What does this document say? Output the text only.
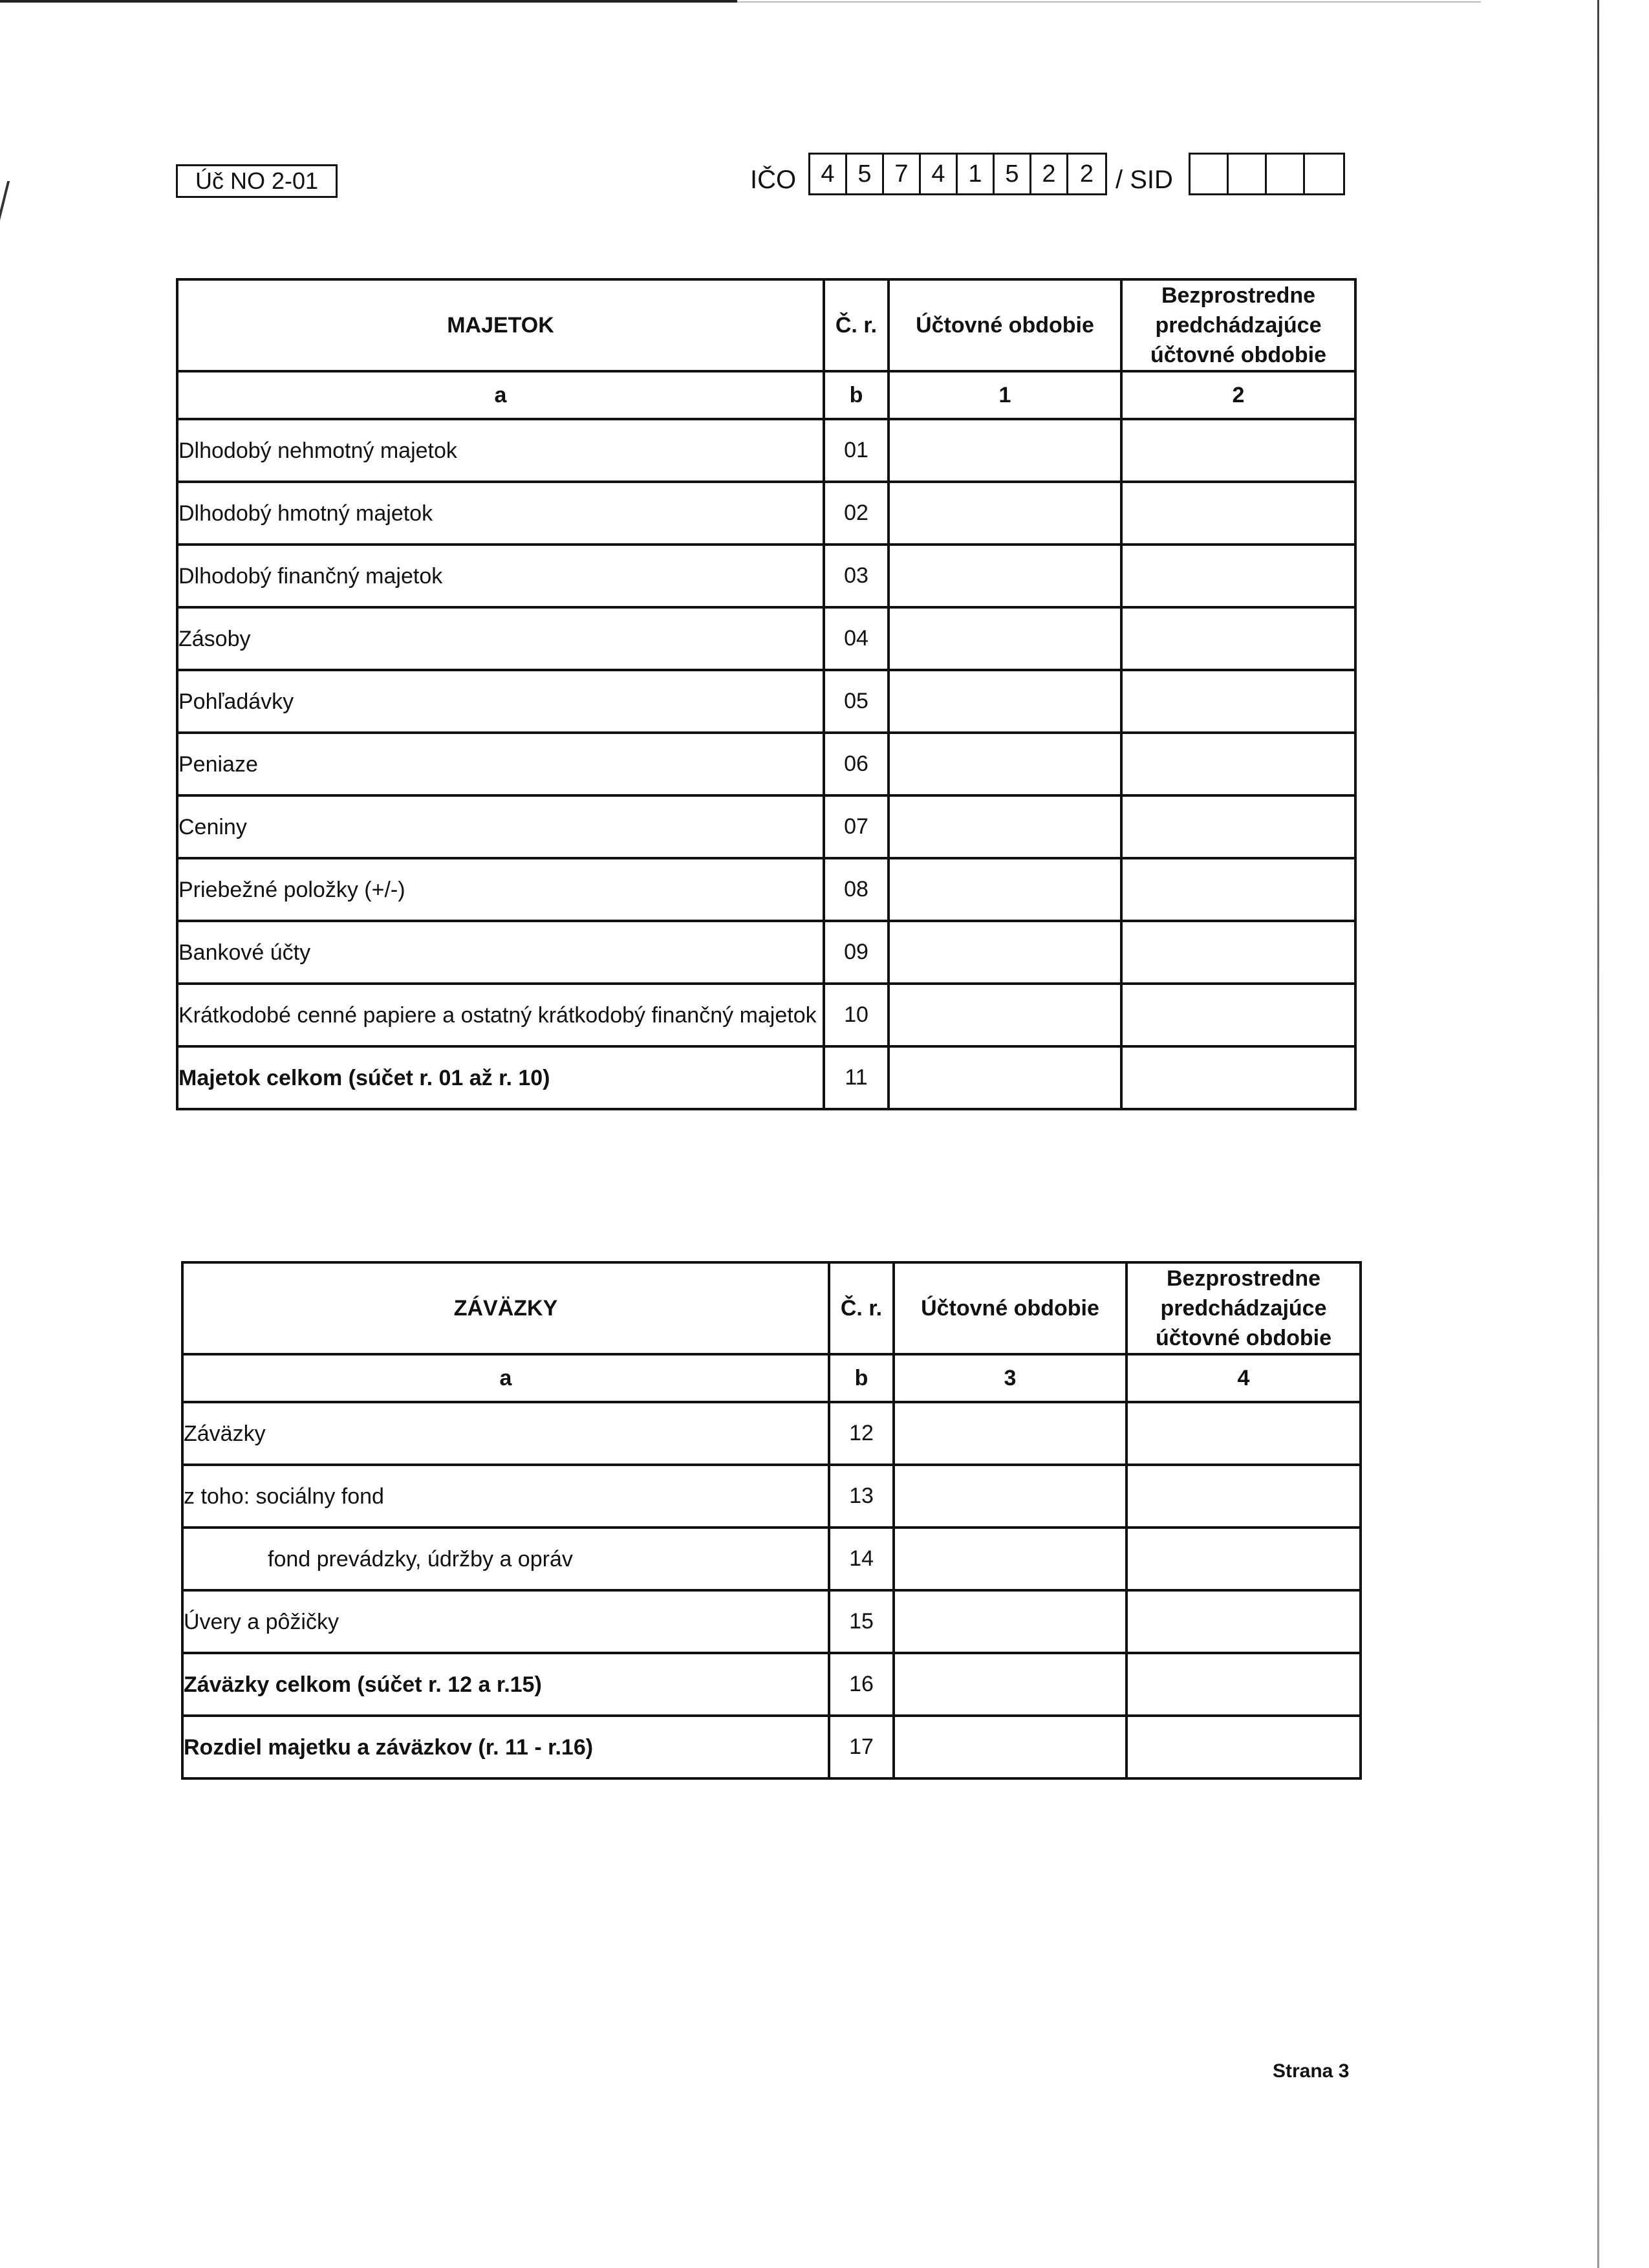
Úč NO 2-01	IČO	4 5 7 4 1 5 2 2 / SID
MAJETOK	Č. r.	Účtovné obdobie	Bezprostredne
predchádzajúce
účtovné obdobie

a	b	1	2
Dlhodobý nehmotný majetok	01		
Dlhodobý hmotný majetok	02		
Dlhodobý finančný majetok	03		
Zásoby	04		
Pohľadávky	05		
Peniaze	06		
Ceniny	07		
Priebežné položky (+/-)	08		
Bankové účty	09		
Krátkodobé cenné papiere a ostatný krátkodobý finančný majetok	10		
Majetok celkom (súčet r. 01 až r. 10)	11		
ZÁVÄZKY	Č. r.	Účtovné obdobie	Bezprostredne
predchádzajúce
účtovné obdobie

a	b	3	4
Záväzky	12		
z toho: sociálny fond	13		
fond prevádzky, údržby a opráv	14		
Úvery a pôžičky	15		
Záväzky celkom (súčet r. 12 a r.15)	16		
Rozdiel majetku a záväzkov (r. 11 - r.16)	17		
Strana 3
